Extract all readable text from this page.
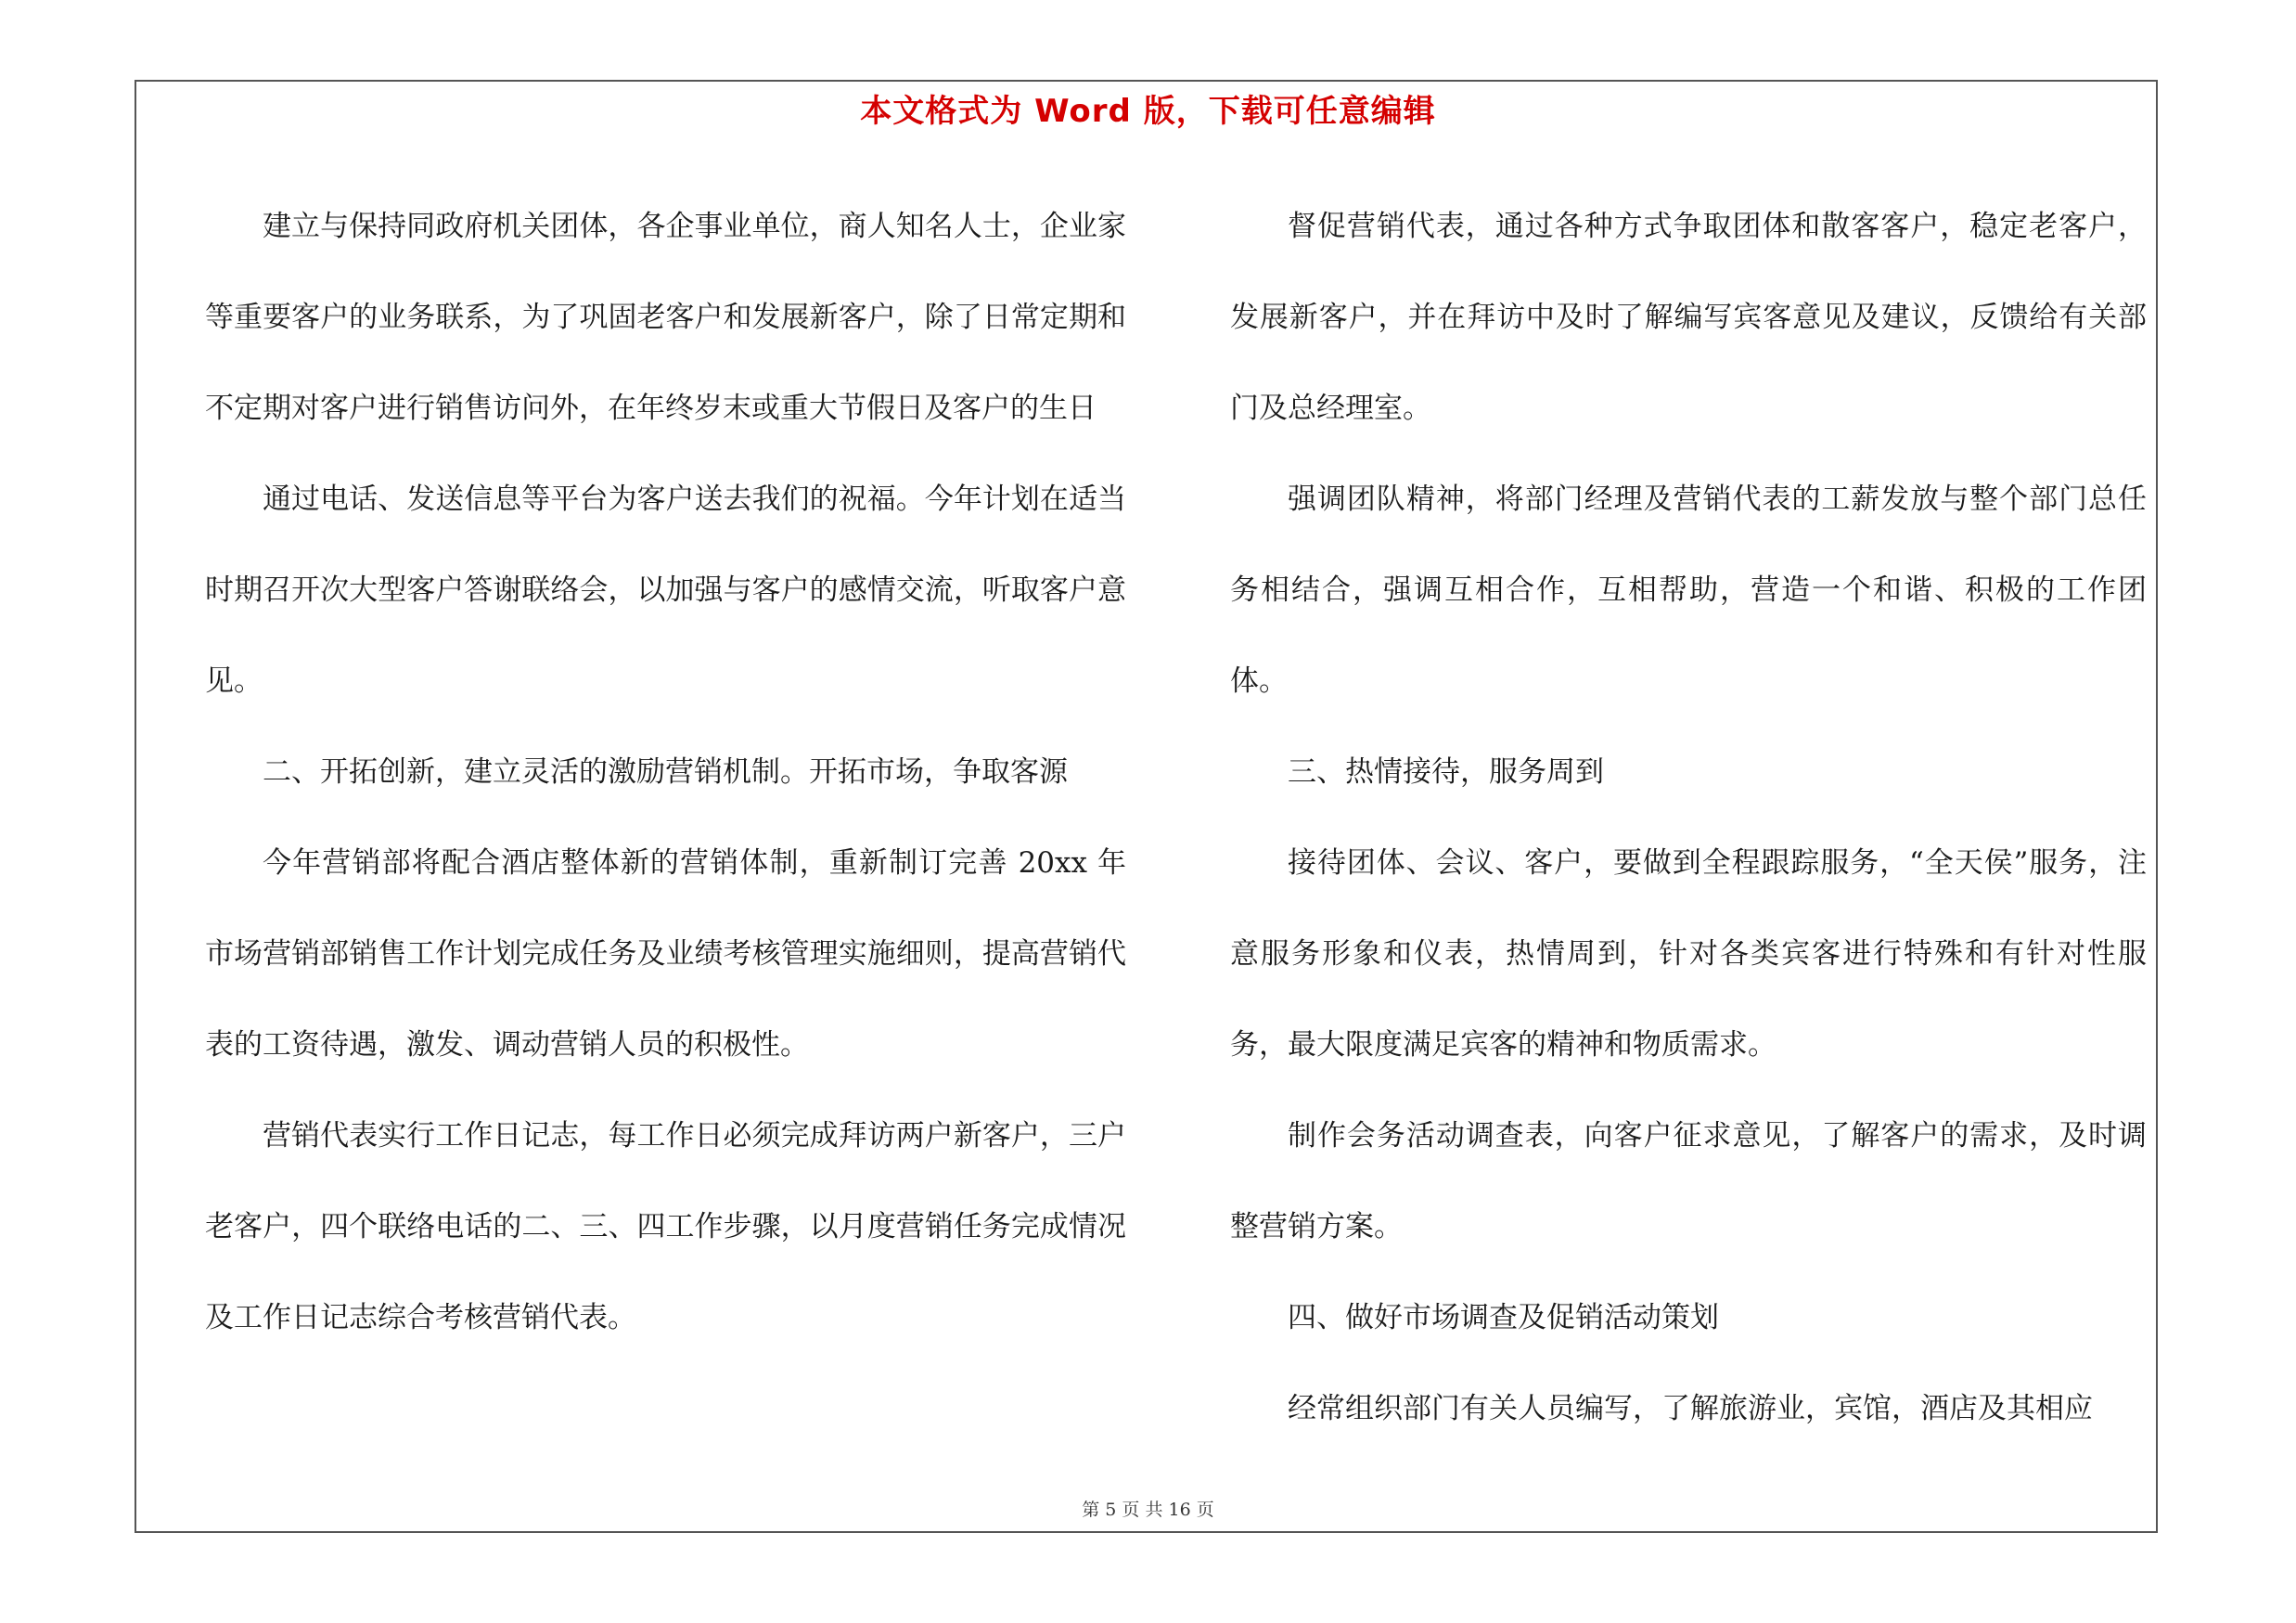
本文格式为 Word 版，下载可任意编辑

建立与保持同政府机关团体，各企事业单位，商人知名人士，企业家等重要客户的业务联系，为了巩固老客户和发展新客户，除了日常定期和不定期对客户进行销售访问外，在年终岁末或重大节假日及客户的生日

通过电话、发送信息等平台为客户送去我们的祝福。今年计划在适当时期召开次大型客户答谢联络会，以加强与客户的感情交流，听取客户意见。

二、开拓创新，建立灵活的激励营销机制。开拓市场，争取客源

今年营销部将配合酒店整体新的营销体制，重新制订完善 20xx 年市场营销部销售工作计划完成任务及业绩考核管理实施细则，提高营销代表的工资待遇，激发、调动营销人员的积极性。

营销代表实行工作日记志，每工作日必须完成拜访两户新客户，三户老客户，四个联络电话的二、三、四工作步骤，以月度营销任务完成情况及工作日记志综合考核营销代表。

督促营销代表，通过各种方式争取团体和散客客户，稳定老客户，发展新客户，并在拜访中及时了解编写宾客意见及建议，反馈给有关部门及总经理室。

强调团队精神，将部门经理及营销代表的工薪发放与整个部门总任务相结合，强调互相合作，互相帮助，营造一个和谐、积极的工作团体。

三、热情接待，服务周到

接待团体、会议、客户，要做到全程跟踪服务，“全天侯”服务，注意服务形象和仪表，热情周到，针对各类宾客进行特殊和有针对性服务，最大限度满足宾客的精神和物质需求。

制作会务活动调查表，向客户征求意见，了解客户的需求，及时调整营销方案。

四、做好市场调查及促销活动策划

经常组织部门有关人员编写，了解旅游业，宾馆，酒店及其相应

第 5 页 共 16 页
